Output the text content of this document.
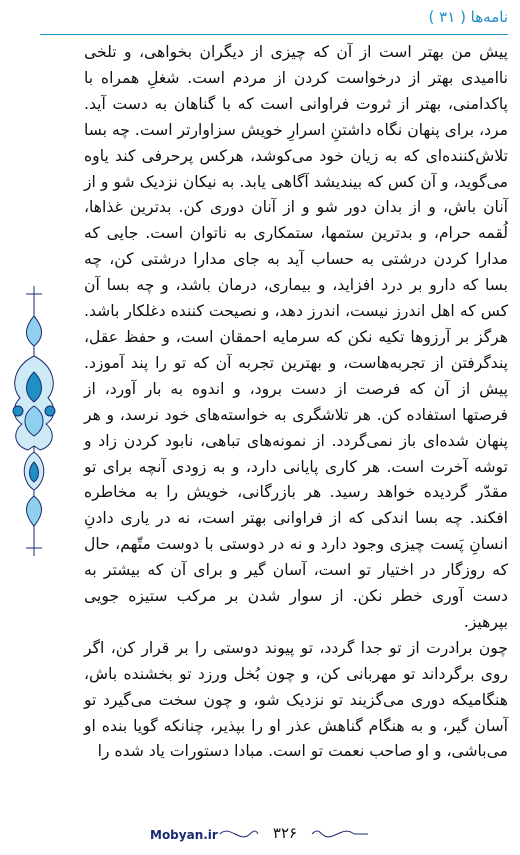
نامه‌ها ( ۳۱ )

پیش من بهتر است از آن که چیزی از دیگران بخواهی، و تلخی ناامیدی بهتر از درخواست کردن از مردم است. شغلِ همراه با پاکدامنی، بهتر از ثروت فراوانی است که با گناهان به دست آید. مرد، برای پنهان نگاه داشتنِ اسرارِ خویش سزاوارتر است. چه بسا تلاش‌کننده‌ای که به زیان خود می‌کوشد، هرکس پرحرفی کند یاوه می‌گوید، و آن کس که بیندیشد آگاهی یابد. به نیکان نزدیک شو و از آنان باش، و از بدان دور شو و از آنان دوری کن. بدترین غذاها، لُقمه حرام، و بدترین ستمها، ستمکاری به ناتوان است. جایی که مدارا کردن درشتی به حساب آید به جای مدارا درشتی کن، چه بسا که دارو بر درد افزاید، و بیماری، درمان باشد، و چه بسا آن کس که اهل اندرز نیست، اندرز دهد، و نصیحت کننده دغلکار باشد. هرگز بر آرزوها تکیه نکن که سرمایه احمقان است، و حفظ عقل، پندگرفتن از تجربه‌هاست، و بهترین تجربه آن که تو را پند آموزد. پیش از آن که فرصت از دست برود، و اندوه به بار آورد، از فرصتها استفاده کن. هر تلاشگری به خواسته‌های خود نرسد، و هر پنهان شده‌ای باز نمی‌گردد. از نمونه‌های تباهی، نابود کردن زاد و توشه آخرت است. هر کاری پایانی دارد، و به زودی آنچه برای تو مقدّر گردیده خواهد رسید. هر بازرگانی، خویش را به مخاطره افکند. چه بسا اندکی که از فراوانی بهتر است، نه در یاری دادنِ انسانِ پَست چیزی وجود دارد و نه در دوستی با دوست متّهم، حال که روزگار در اختیار تو است، آسان گیر و برای آن که بیشتر به دست آوری خطر نکن. از سوار شدن بر مرکب ستیزه جویی بپرهیز.

چون برادرت از تو جدا گردد، تو پیوند دوستی را بر قرار کن، اگر روی برگرداند تو مهربانی کن، و چون بُخل ورزد تو بخشنده باش، هنگامیکه دوری می‌گزیند تو نزدیک شو، و چون سخت می‌گیرد تو آسان گیر، و به هنگام گناهش عذر او را بپذیر، چنانکه گویا بنده او می‌باشی، و او صاحب نعمت تو است. مبادا دستورات یاد شده را

Mobyan.ir	۳۲۶
